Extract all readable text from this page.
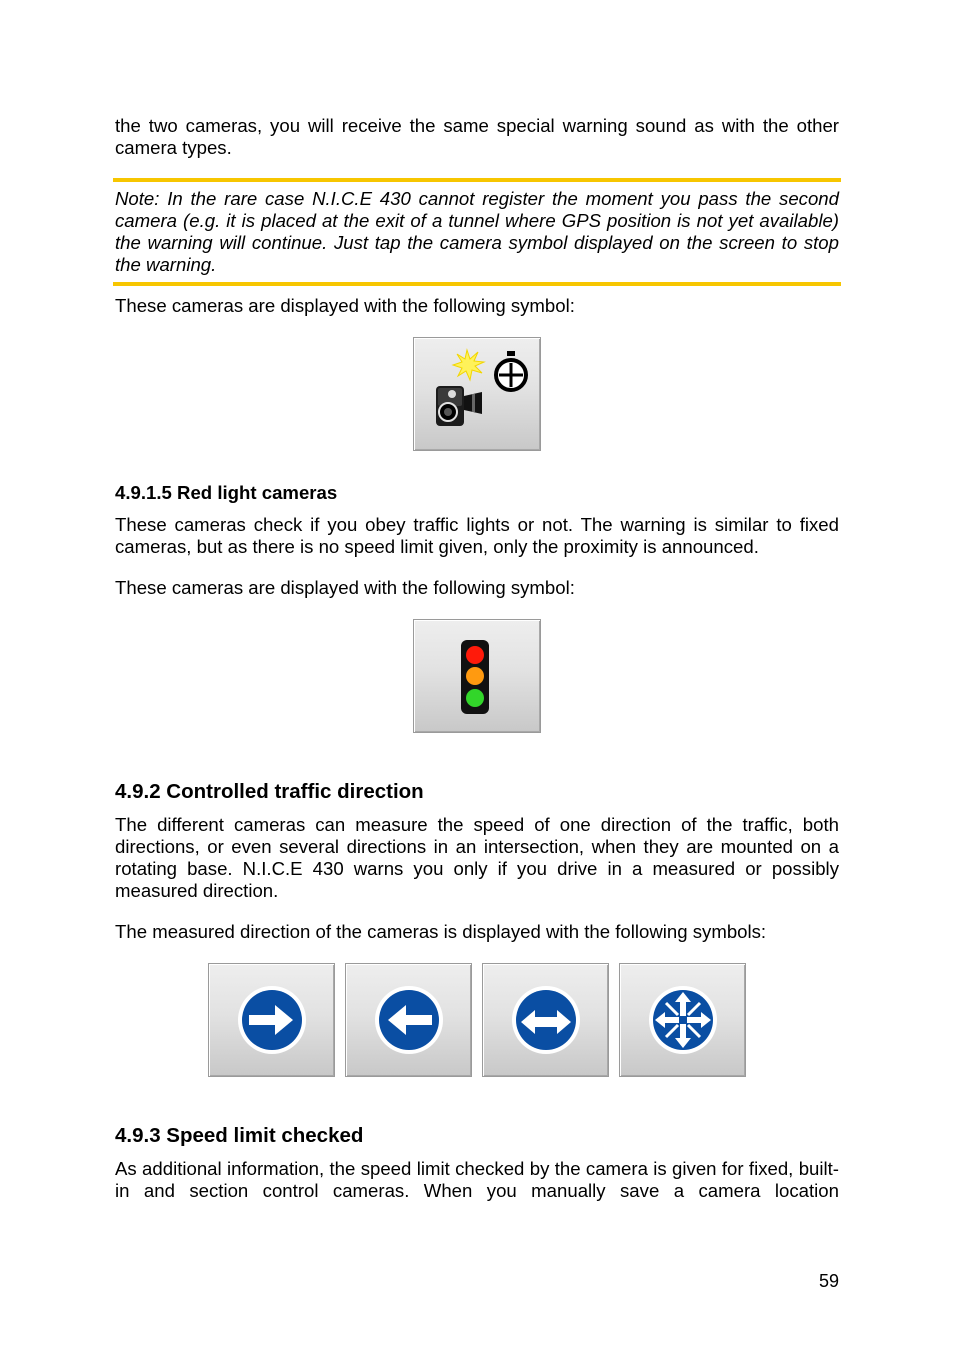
the two cameras, you will receive the same special warning sound as with the other camera types.

Note: In the rare case N.I.C.E 430 cannot register the moment you pass the second camera (e.g. it is placed at the exit of a tunnel where GPS position is not yet available) the warning will continue. Just tap the camera symbol displayed on the screen to stop the warning.

These cameras are displayed with the following symbol:

4.9.1.5 Red light cameras

These cameras check if you obey traffic lights or not. The warning is similar to fixed cameras, but as there is no speed limit given, only the proximity is announced.

These cameras are displayed with the following symbol:

4.9.2 Controlled traffic direction

The different cameras can measure the speed of one direction of the traffic, both directions, or even several directions in an intersection, when they are mounted on a rotating base. N.I.C.E 430 warns you only if you drive in a measured or possibly measured direction.

The measured direction of the cameras is displayed with the following symbols:

4.9.3 Speed limit checked

As additional information, the speed limit checked by the camera is given for fixed, built-in and section control cameras. When you manually save a camera location

59
